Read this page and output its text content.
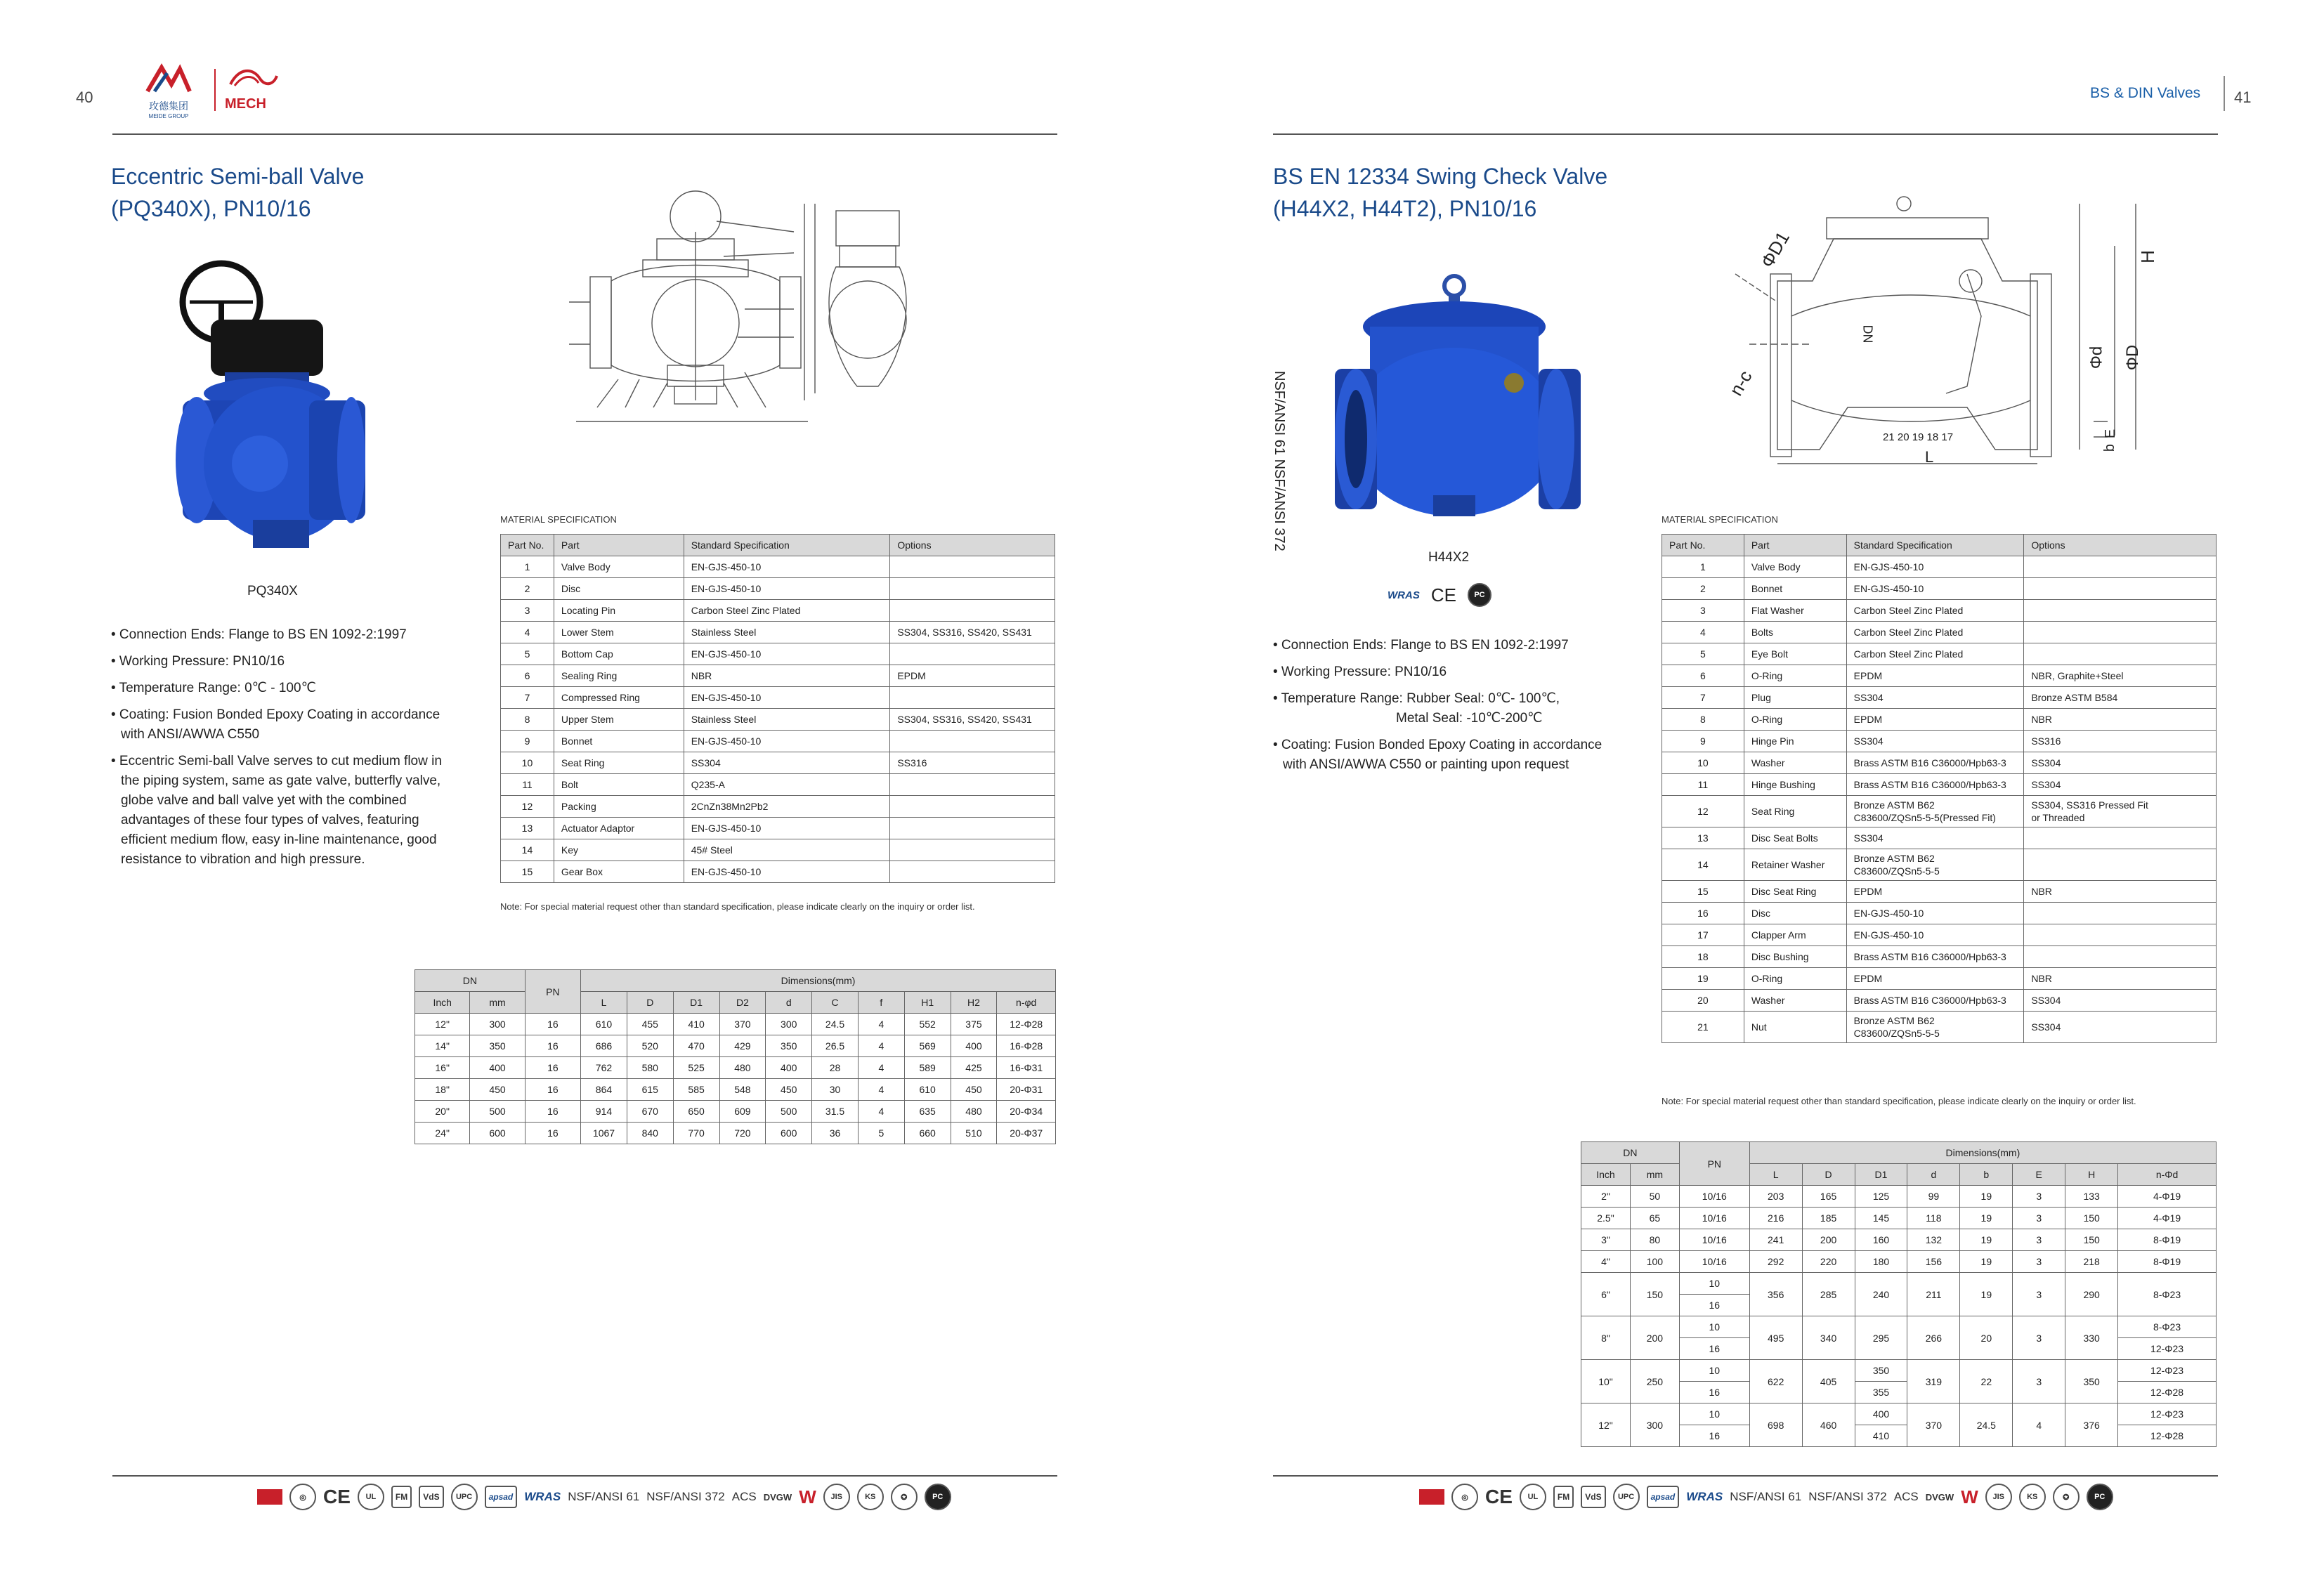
40	玫德集团
MEIDE GROUP
MECH
Eccentric Semi-ball Valve
(PQ340X), PN10/16
PQ340X

• Connection Ends: Flange to BS EN 1092-2:1997

• Working Pressure: PN10/16

• Temperature Range: 0℃ - 100℃

• Coating: Fusion Bonded Epoxy Coating in accordance with ANSI/AWWA C550

• Eccentric Semi-ball Valve serves to cut medium flow in the piping system, same as gate valve, butterfly valve, globe valve and ball valve yet with the combined advantages of these four types of valves, featuring efficient medium flow, easy in-line maintenance, good resistance to vibration and high pressure.

MATERIAL SPECIFICATION
Part No.	Part	Standard Specification	Options
1	Valve Body	EN-GJS-450-10	
2	Disc	EN-GJS-450-10	
3	Locating Pin	Carbon Steel Zinc Plated	
4	Lower Stem	Stainless Steel	SS304, SS316, SS420, SS431
5	Bottom Cap	EN-GJS-450-10	
6	Sealing Ring	NBR	EPDM
7	Compressed Ring	EN-GJS-450-10	
8	Upper Stem	Stainless Steel	SS304, SS316, SS420, SS431
9	Bonnet	EN-GJS-450-10	
10	Seat Ring	SS304	SS316
11	Bolt	Q235-A	
12	Packing	2CnZn38Mn2Pb2	
13	Actuator Adaptor	EN-GJS-450-10	
14	Key	45# Steel	
15	Gear Box	EN-GJS-450-10	
Note: For special material request other than standard specification, please indicate clearly on the inquiry or order list.
DN		PN	Dimensions(mm)									
Inch	mm		L	D	D1	D2	d	C	f	H1	H2	n-φd
12"	300	16	610	455	410	370	300	24.5	4	552	375	12-Φ28
14"	350	16	686	520	470	429	350	26.5	4	569	400	16-Φ28
16"	400	16	762	580	525	480	400	28	4	589	425	16-Φ31
18"	450	16	864	615	585	548	450	30	4	610	450	20-Φ31
20"	500	16	914	670	650	609	500	31.5	4	635	480	20-Φ34
24"	600	16	1067	840	770	720	600	36	5	660	510	20-Φ37
◎ CE	UL	FM	VdS	UPC	apsad WRAS NSF/ANSI 61 NSF/ANSI 372 ACS DVGW W	JIS	KS	✪	PC
BS & DIN Valves 41
BS EN 12334 Swing Check Valve
(H44X2, H44T2), PN10/16
NSF/ANSI 61 NSF/ANSI 372
H44X2
WRAS CE	PC
ΦD1
n-c
DN
Φd ΦD
H
E
b
L
21 20 19 18 17

• Connection Ends: Flange to BS EN 1092-2:1997

• Working Pressure: PN10/16

• Temperature Range: Rubber Seal: 0℃- 100℃,

Metal Seal: -10℃-200℃

• Coating: Fusion Bonded Epoxy Coating in accordance with ANSI/AWWA C550 or painting upon request

MATERIAL SPECIFICATION
Part No.	Part	Standard Specification	Options
1	Valve Body	EN-GJS-450-10	
2	Bonnet	EN-GJS-450-10	
3	Flat Washer	Carbon Steel Zinc Plated	
4	Bolts	Carbon Steel Zinc Plated	
5	Eye Bolt	Carbon Steel Zinc Plated	
6	O-Ring	EPDM	NBR, Graphite+Steel
7	Plug	SS304	Bronze ASTM B584
8	O-Ring	EPDM	NBR
9	Hinge Pin	SS304	SS316
10	Washer	Brass ASTM B16 C36000/Hpb63-3	SS304
11	Hinge Bushing	Brass ASTM B16 C36000/Hpb63-3	SS304
12	Seat Ring	Bronze ASTM B62
C83600/ZQSn5-5-5(Pressed Fit)	SS304, SS316 Pressed Fit
or Threaded
13	Disc Seat Bolts	SS304	
14	Retainer Washer	Bronze ASTM B62
C83600/ZQSn5-5-5	
15	Disc Seat Ring	EPDM	NBR
16	Disc	EN-GJS-450-10	
17	Clapper Arm	EN-GJS-450-10	
18	Disc Bushing	Brass ASTM B16 C36000/Hpb63-3	
19	O-Ring	EPDM	NBR
20	Washer	Brass ASTM B16 C36000/Hpb63-3	SS304
21	Nut	Bronze ASTM B62
C83600/ZQSn5-5-5	SS304
Note: For special material request other than standard specification, please indicate clearly on the inquiry or order list.
DN		PN	Dimensions(mm)							
Inch	mm		L	D	D1	d	b	E	H	n-Φd
2"	50	10/16	203	165	125	99	19	3	133	4-Φ19
2.5"	65	10/16	216	185	145	118	19	3	150	4-Φ19
3"	80	10/16	241	200	160	132	19	3	150	8-Φ19
4"	100	10/16	292	220	180	156	19	3	218	8-Φ19
6"	150	10	356	285	240	211	19	3	290	8-Φ23
		16								
8"	200	10	495	340	295	266	20	3	330	8-Φ23
		16								12-Φ23
10"	250	10	622	405	350	319	22	3	350	12-Φ23
		16			355					12-Φ28
12"	300	10	698	460	400	370	24.5	4	376	12-Φ23
		16			410					12-Φ28
◎ CE	UL	FM	VdS	UPC	apsad WRAS NSF/ANSI 61 NSF/ANSI 372 ACS DVGW W	JIS	KS	✪	PC
